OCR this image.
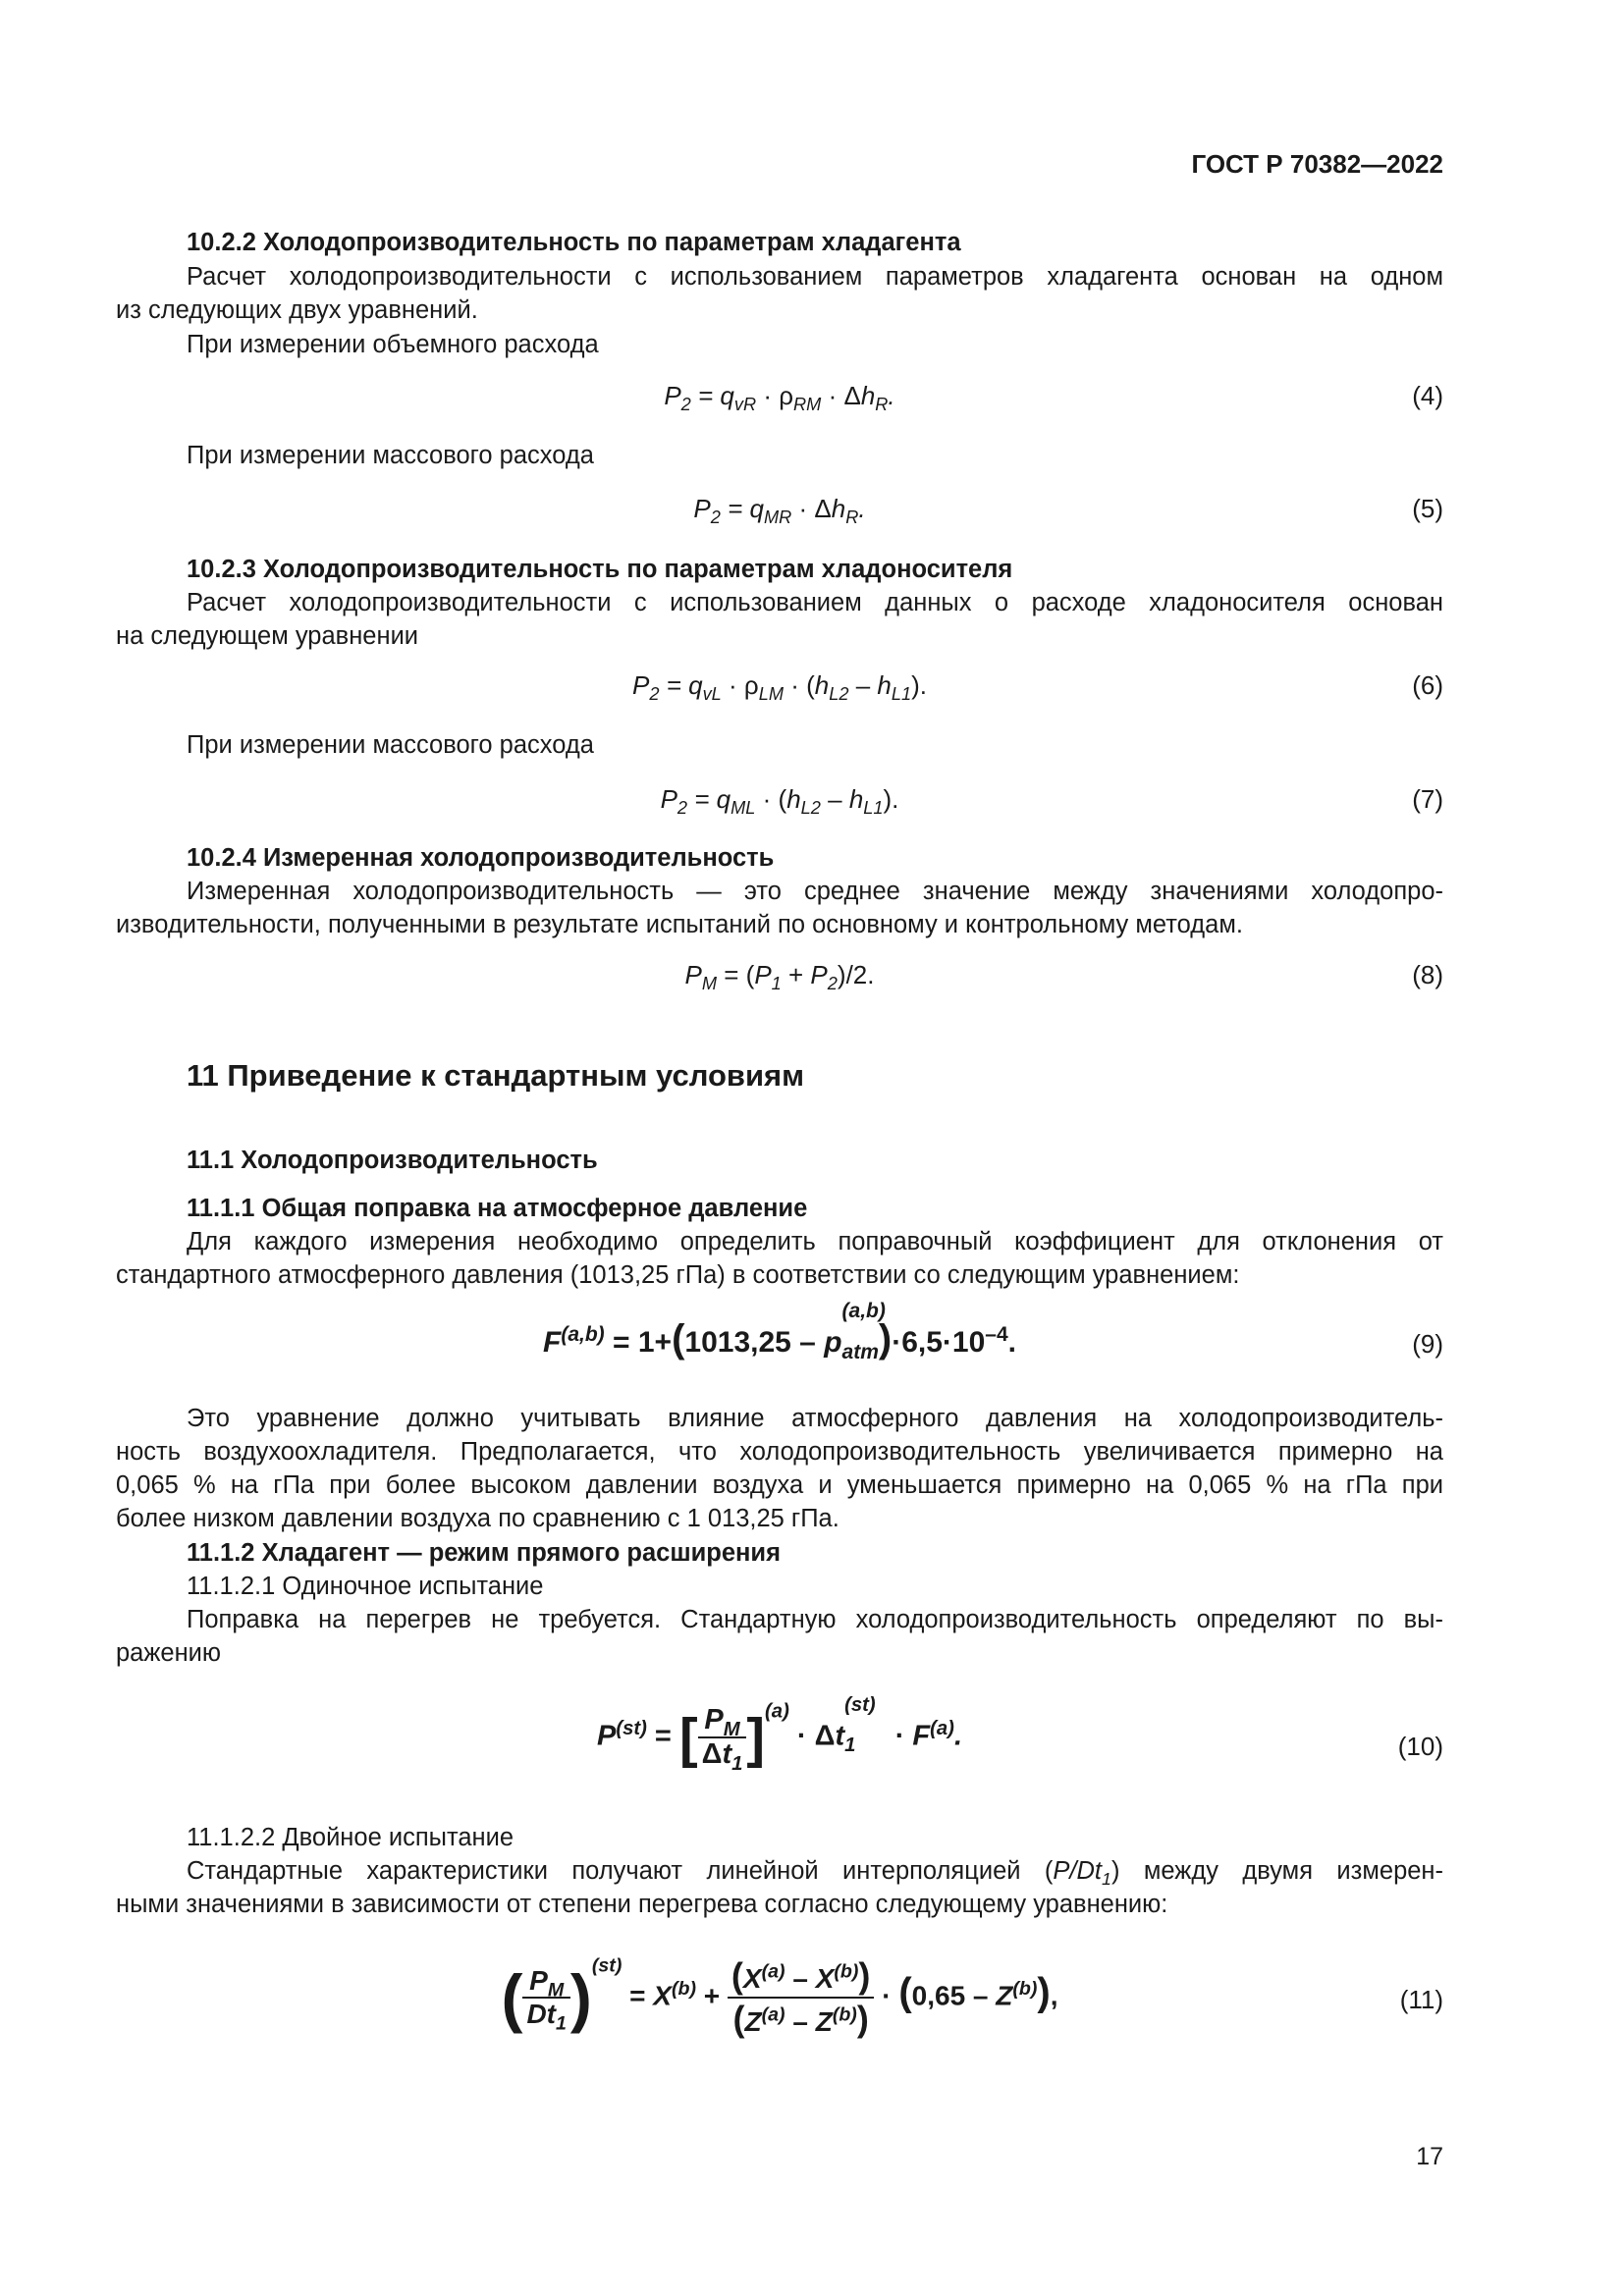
ГОСТ Р 70382—2022

10.2.2 Холодопроизводительность по параметрам хладагента

Расчет холодопроизводительности с использованием параметров хладагента основан на одном

из следующих двух уравнений.

При измерении объемного расхода

$P_2 = q_{vR} \cdot \rho_{RM} \cdot \Delta h_R$.	(4)

При измерении массового расхода

$P_2 = q_{MR} \cdot \Delta h_R$.	(5)

10.2.3 Холодопроизводительность по параметрам хладоносителя

Расчет холодопроизводительности с использованием данных о расходе хладоносителя основан

на следующем уравнении

$P_2 = q_{vL} \cdot \rho_{LM} \cdot (h_{L2} - h_{L1})$.	(6)

При измерении массового расхода

$P_2 = q_{ML} \cdot (h_{L2} - h_{L1})$.	(7)

10.2.4 Измеренная холодопроизводительность

Измеренная холодопроизводительность — это среднее значение между значениями холодопро-

изводительности, полученными в результате испытаний по основному и контрольному методам.

$P_M = (P_1 + P_2)/2$.	(8)
11 Приведение к стандартным условиям

11.1 Холодопроизводительность

11.1.1 Общая поправка на атмосферное давление

Для каждого измерения необходимо определить поправочный коэффициент для отклонения от

стандартного атмосферного давления (1013,25 гПа) в соответствии со следующим уравнением:

F$^{(a,b)}$ = 1+(1013,25 – p
$_{(a,b) atm})\cdot 6,5\cdot 10^{-4}$.	(9)

Это уравнение должно учитывать влияние атмосферного давления на холодопроизводитель-

ность воздухоохладителя. Предполагается, что холодопроизводительность увеличивается примерно на

0,065 % на гПа при более высоком давлении воздуха и уменьшается примерно на 0,065 % на гПа при

более низком давлении воздуха по сравнению с 1 013,25 гПа.

11.1.2 Хладагент — режим прямого расширения

11.1.2.1 Одиночное испытание

Поправка на перегрев не требуется. Стандартную холодопроизводительность определяют по вы-

ражению

$P^{(st)}$ = [ $\frac{P_M}{\Delta t_1} ]^{(a)} \cdot \Delta t$
$_{(st) 1}$     · $F^{(a)}$.	(10)

11.1.2.2 Двойное испытание

Стандартные характеристики получают линейной интерполяцией $(P/Dt_1)$ между двумя измерен-

ными значениями в зависимости от степени перегрева согласно следующему уравнению:

( $\frac{P_M}{Dt_1} )^{(st)} = X^{(b)} + \frac{(X^{(a)} - X^{(b)})}{(Z^{(a)} - Z^{(b)})} \cdot (0,65 - Z^{(b)})$,	(11)
17
